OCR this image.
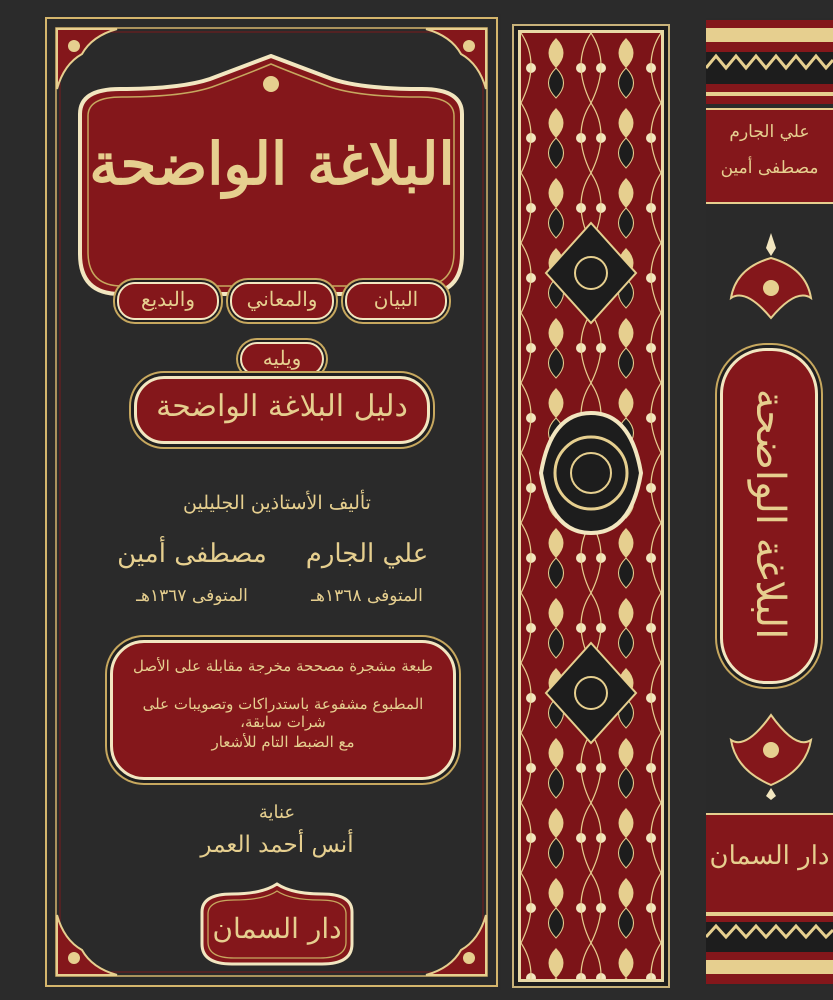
البلاغة الواضحة
والبديع	والمعاني	البيان
ويليه
دليل البلاغة الواضحة
تأليف الأستاذين الجليلين
علي الجارم
المتوفى ١٣٦٨هـ
مصطفى أمين
المتوفى ١٣٦٧هـ
طبعة مشجرة مصححة مخرجة مقابلة على الأصل
المطبوع مشفوعة باستدراكات وتصويبات على شرات سابقة،
مع الضبط التام للأشعار
عناية
أنس أحمد العمر
دار السمان
علي الجارم
مصطفى أمين
البلاغة الواضحة
دار السمان
